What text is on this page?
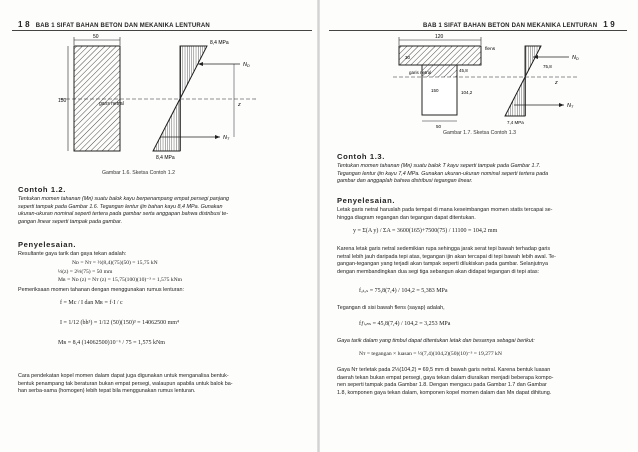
1 8 BAB 1 SIFAT BAHAN BETON DAN MEKANIKA LENTURAN
50
150	garis netral
8,4 MPa
8,4 MPa
$N_D$
$N_T$
z
Gambar 1.6. Sketsa Contoh 1.2
Contoh 1.2.
Tentukan momen tahanan (Mʀ) suatu balok kayu berpenampang empat persegi panjang
seperti tampak pada Gambar 1.6. Tegangan lentur ijin bahan kayu 8,4 MPa. Gunakan
ukuran-ukuran nominal seperti tertera pada gambar serta anggapan bahwa distribusi te-
gangan linear seperti tampak pada gambar.
Penyelesaian.
Resultante gaya tarik dan gaya tekan adalah:
Nᴅ = Nᴛ = ½(8,4)(75)(50) = 15,75 kN
⅓(z) = 2⅓(75) = 50 mm
Mʀ = Nᴅ (z) = Nᴛ (z) = 15,75(100)(10)⁻³ = 1,575 kNm
Pemeriksaan momen tahanan dengan menggunakan rumus lenturan:
f = Mc / I dan Mʀ = f·I / c
I = 1/12 (bh³) = 1/12 (50)(150)³ = 14062500 mm⁴
Mʀ = 8,4 (14062500)10⁻⁶ / 75 = 1,575 kNm
Cara pendekatan kopel momen dalam dapat juga digunakan untuk menganalisa bentuk-
bentuk penampang tak beraturan bukan empat persegi, walaupun apabila untuk balok ba-
han serba-sama (homogen) lebih tepat bila menggunakan rumus lenturan.
BAB 1 SIFAT BAHAN BETON DAN MEKANIKA LENTURAN 1 9
120
30
flens
garis netral
150	104,2
45,8
50
75,8
7,4 MPa
$N_D$
$N_T$
z
Gambar 1.7. Sketsa Contoh 1.3
Contoh 1.3.
Tentukan momen tahanan (Mʀ) suatu balok T kayu seperti tampak pada Gambar 1.7.
Tegangan lentur ijin kayu 7,4 MPa. Gunakan ukuran-ukuran nominal seperti tertera pada
gambar dan anggaplah bahwa distribusi tegangan linear.
Penyelesaian.
Letak garis netral haruslah pada tempat di mana keseimbangan momen statis tercapai se-
hingga diagram regangan dan tegangan dapat ditentukan.
y = Σ(A y) / ΣA = 3600(165)+7500(75) / 11100 = 104,2 mm
Karena letak garis netral sedemikian rupa sehingga jarak serat tepi bawah terhadap garis
netral lebih jauh daripada tepi atas, tegangan ijin akan tercapai di tepi bawah lebih awal. Te-
gangan-tegangan yang terjadi akan tampak seperti dilukiskan pada gambar. Selanjutnya
dengan membandingkan dua segi tiga sebangun akan didapat tegangan di tepi atas:
fₐₜₐₛ = 75,8(7,4) / 104,2 = 5,383 MPa
Tegangan di sisi bawah flens (sayap) adalah,
fƒₗₑₙₛ = 45,8(7,4) / 104,2 = 3,253 MPa
Gaya tarik dalam yang timbul dapat ditentukan letak dan besarnya sebagai berikut:
Nᴛ = tegangan × luasan = ½(7,4)(104,2)(50)(10)⁻³ = 19,277 kN
Gaya Nᴛ terletak pada 2⅓(104,2) = 69,5 mm di bawah garis netral. Karena bentuk luasan
daerah tekan bukan empat persegi, gaya tekan dalam diuraikan menjadi beberapa kompo-
nen seperti tampak pada Gambar 1.8. Dengan mengacu pada Gambar 1.7 dan Gambar
1.8, komponen gaya tekan dalam, komponen kopel momen dalam dan Mʀ dapat dihitung.
